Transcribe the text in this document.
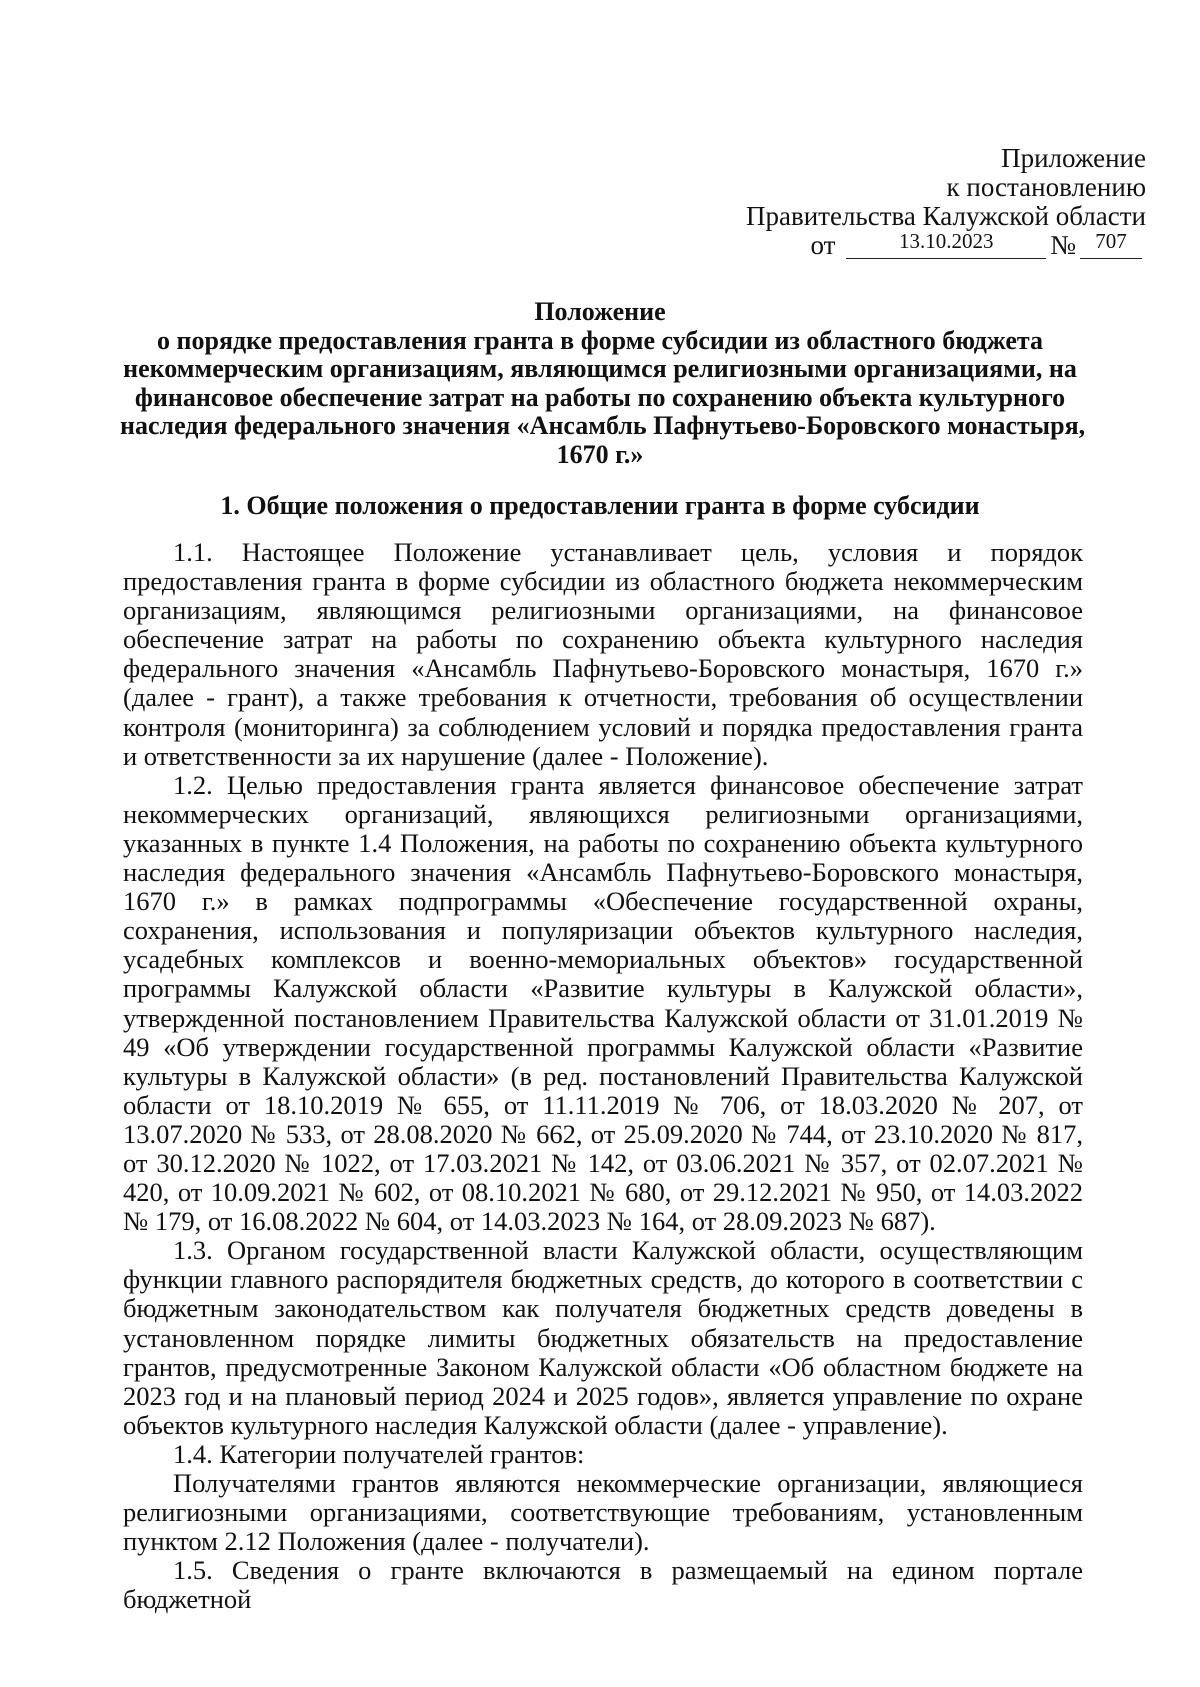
Приложение
к постановлению
Правительства Калужской области
от	13.10.2023 № 707
Положение
о порядке предоставления гранта в форме субсидии из областного бюджета
некоммерческим организациям, являющимся религиозными организациями, на
финансовое обеспечение затрат на работы по сохранению объекта культурного
наследия федерального значения «Ансамбль Пафнутьево-Боровского монастыря,
1670 г.»
1. Общие положения о предоставлении гранта в форме субсидии

1.1. Настоящее Положение устанавливает цель, условия и порядок предоставления гранта в форме субсидии из областного бюджета некоммерческим организациям, являющимся религиозными организациями, на финансовое обеспечение затрат на работы по сохранению объекта культурного наследия федерального значения «Ансамбль Пафнутьево-Боровского монастыря, 1670 г.» (далее - грант), а также требования к отчетности, требования об осуществлении контроля (мониторинга) за соблюдением условий и порядка предоставления гранта и ответственности за их нарушение (далее - Положение).

1.2. Целью предоставления гранта является финансовое обеспечение затрат некоммерческих организаций, являющихся религиозными организациями, указанных в пункте 1.4 Положения, на работы по сохранению объекта культурного наследия федерального значения «Ансамбль Пафнутьево-Боровского монастыря, 1670 г.» в рамках подпрограммы «Обеспечение государственной охраны, сохранения, использования и популяризации объектов культурного наследия, усадебных комплексов и военно-мемориальных объектов» государственной программы Калужской области «Развитие культуры в Калужской области», утвержденной постановлением Правительства Калужской области от 31.01.2019 № 49 «Об утверждении государственной программы Калужской области «Развитие культуры в Калужской области» (в ред. постановлений Правительства Калужской области от 18.10.2019 № 655, от 11.11.2019 № 706, от 18.03.2020 № 207, от 13.07.2020 № 533, от 28.08.2020 № 662, от 25.09.2020 № 744, от 23.10.2020 № 817, от 30.12.2020 № 1022, от 17.03.2021 № 142, от 03.06.2021 № 357, от 02.07.2021 № 420, от 10.09.2021 № 602, от 08.10.2021 № 680, от 29.12.2021 № 950, от 14.03.2022 № 179, от 16.08.2022 № 604, от 14.03.2023 № 164, от 28.09.2023 № 687).

1.3. Органом государственной власти Калужской области, осуществляющим функции главного распорядителя бюджетных средств, до которого в соответствии с бюджетным законодательством как получателя бюджетных средств доведены в установленном порядке лимиты бюджетных обязательств на предоставление грантов, предусмотренные Законом Калужской области «Об областном бюджете на 2023 год и на плановый период 2024 и 2025 годов», является управление по охране объектов культурного наследия Калужской области (далее - управление).

1.4. Категории получателей грантов:

Получателями грантов являются некоммерческие организации, являющиеся религиозными организациями, соответствующие требованиям, установленным пунктом 2.12 Положения (далее - получатели).

1.5. Сведения о гранте включаются в размещаемый на едином портале бюджетной
